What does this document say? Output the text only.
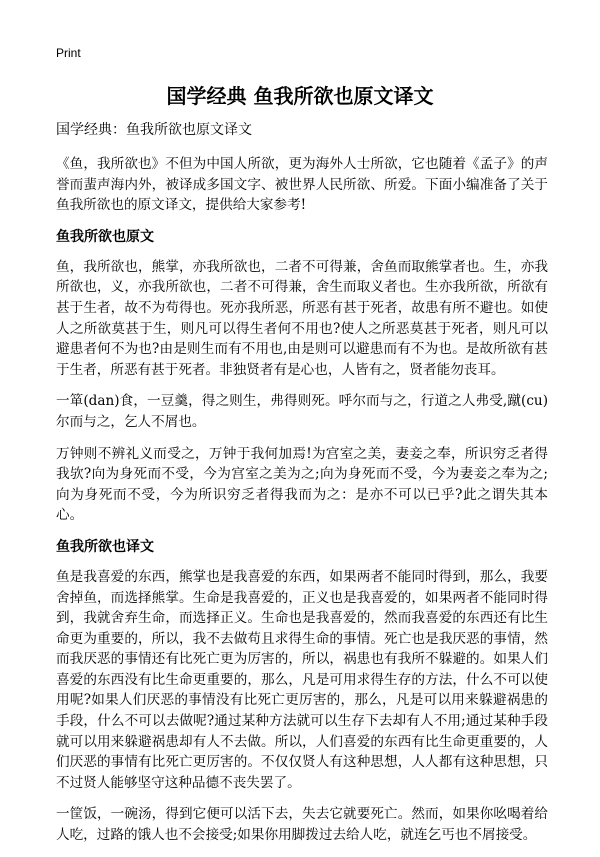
Print
国学经典 鱼我所欲也原文译文
国学经典：鱼我所欲也原文译文

《鱼，我所欲也》不但为中国人所欲，更为海外人士所欲，它也随着《孟子》的声誉而蜚声海内外，被译成多国文字、被世界人民所欲、所爱。下面小编准备了关于鱼我所欲也的原文译文，提供给大家参考!

鱼我所欲也原文

鱼，我所欲也，熊掌，亦我所欲也，二者不可得兼，舍鱼而取熊掌者也。生，亦我所欲也，义，亦我所欲也，二者不可得兼，舍生而取义者也。生亦我所欲，所欲有甚于生者，故不为苟得也。死亦我所恶，所恶有甚于死者，故患有所不避也。如使人之所欲莫甚于生，则凡可以得生者何不用也?使人之所恶莫甚于死者，则凡可以避患者何不为也?由是则生而有不用也,由是则可以避患而有不为也。是故所欲有甚于生者，所恶有甚于死者。非独贤者有是心也，人皆有之，贤者能勿丧耳。

一箪(dan)食，一豆羹，得之则生，弗得则死。呼尔而与之，行道之人弗受,蹴(cu)尔而与之，乞人不屑也。

万钟则不辨礼义而受之，万钟于我何加焉!为宫室之美，妻妾之奉，所识穷乏者得我欤?向为身死而不受，今为宫室之美为之;向为身死而不受，今为妻妾之奉为之;向为身死而不受，今为所识穷乏者得我而为之：是亦不可以已乎?此之谓失其本心。

鱼我所欲也译文

鱼是我喜爱的东西，熊掌也是我喜爱的东西，如果两者不能同时得到，那么，我要舍掉鱼，而选择熊掌。生命是我喜爱的，正义也是我喜爱的，如果两者不能同时得到，我就舍弃生命，而选择正义。生命也是我喜爱的，然而我喜爱的东西还有比生命更为重要的，所以，我不去做苟且求得生命的事情。死亡也是我厌恶的事情，然而我厌恶的事情还有比死亡更为厉害的，所以，祸患也有我所不躲避的。如果人们喜爱的东西没有比生命更重要的，那么，凡是可用求得生存的方法，什么不可以使用呢?如果人们厌恶的事情没有比死亡更厉害的，那么，凡是可以用来躲避祸患的手段，什么不可以去做呢?通过某种方法就可以生存下去却有人不用;通过某种手段就可以用来躲避祸患却有人不去做。所以，人们喜爱的东西有比生命更重要的，人们厌恶的事情有比死亡更厉害的。不仅仅贤人有这种思想，人人都有这种思想，只不过贤人能够坚守这种品德不丧失罢了。

一筐饭，一碗汤，得到它便可以活下去，失去它就要死亡。然而，如果你吆喝着给人吃，过路的饿人也不会接受;如果你用脚拨过去给人吃，就连乞丐也不屑接受。
